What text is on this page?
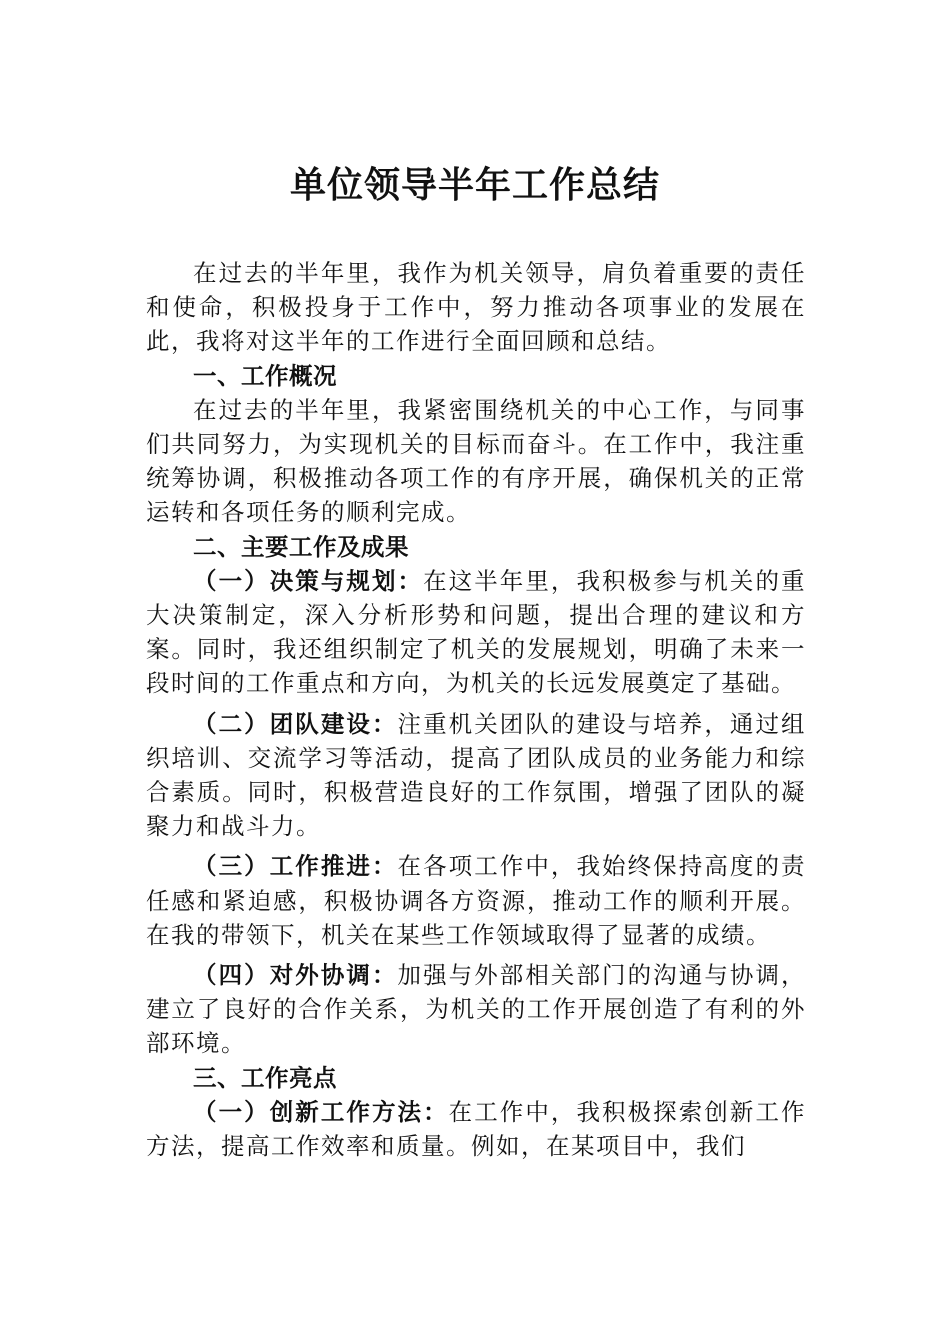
单位领导半年工作总结

在过去的半年里，我作为机关领导，肩负着重要的责任和使命，积极投身于工作中，努力推动各项事业的发展在此，我将对这半年的工作进行全面回顾和总结。

一、工作概况

在过去的半年里，我紧密围绕机关的中心工作，与同事们共同努力，为实现机关的目标而奋斗。在工作中，我注重统筹协调，积极推动各项工作的有序开展，确保机关的正常运转和各项任务的顺利完成。

二、主要工作及成果

（一）决策与规划：在这半年里，我积极参与机关的重大决策制定，深入分析形势和问题，提出合理的建议和方案。同时，我还组织制定了机关的发展规划，明确了未来一段时间的工作重点和方向，为机关的长远发展奠定了基础。

（二）团队建设：注重机关团队的建设与培养，通过组织培训、交流学习等活动，提高了团队成员的业务能力和综合素质。同时，积极营造良好的工作氛围，增强了团队的凝聚力和战斗力。

（三）工作推进：在各项工作中，我始终保持高度的责任感和紧迫感，积极协调各方资源，推动工作的顺利开展。在我的带领下，机关在某些工作领域取得了显著的成绩。

（四）对外协调：加强与外部相关部门的沟通与协调，建立了良好的合作关系，为机关的工作开展创造了有利的外部环境。

三、工作亮点

（一）创新工作方法：在工作中，我积极探索创新工作方法，提高工作效率和质量。例如，在某项目中，我们
